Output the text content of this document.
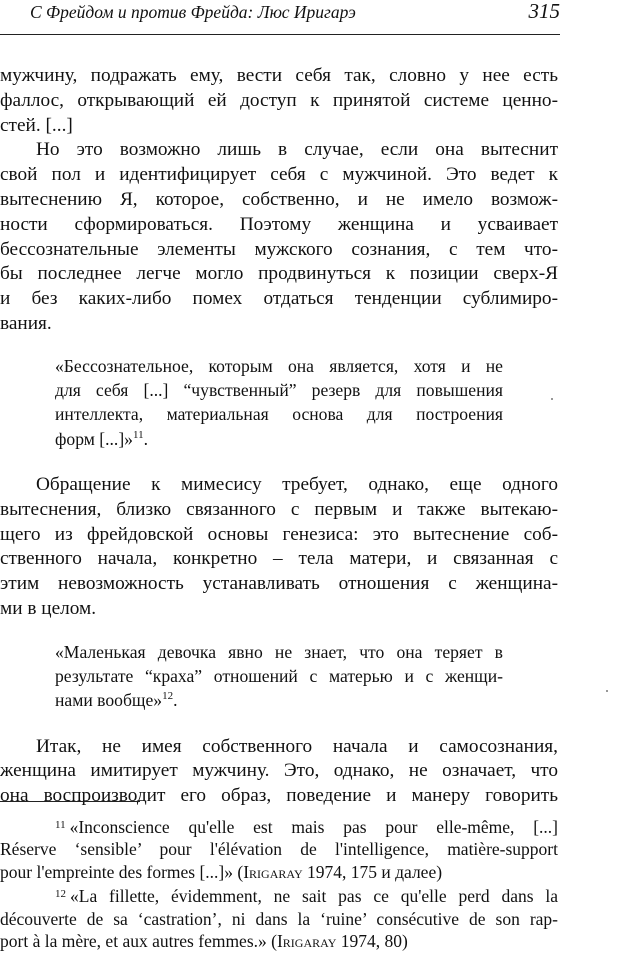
С Фрейдом и против Фрейда: Люс Иригарэ	315
мужчину, подражать ему, вести себя так, словно у нее есть
фаллос, открывающий ей доступ к принятой системе ценно-
стей. [...]
Но это возможно лишь в случае, если она вытеснит
свой пол и идентифицирует себя с мужчиной. Это ведет к
вытеснению Я, которое, собственно, и не имело возмож-
ности сформироваться. Поэтому женщина и усваивает
бессознательные элементы мужского сознания, с тем что-
бы последнее легче могло продвинуться к позиции сверх-Я
и без каких-либо помех отдаться тенденции сублимиро-
вания.
«Бессознательное, которым она является, хотя и не
для себя [...] “чувственный” резерв для повышения
интеллекта, материальная основа для построения
форм [...]»$^{11}$.
Обращение к мимесису требует, однако, еще одного
вытеснения, близко связанного с первым и также вытекаю-
щего из фрейдовской основы генезиса: это вытеснение соб-
ственного начала, конкретно – тела матери, и связанная с
этим невозможность устанавливать отношения с женщина-
ми в целом.
«Маленькая девочка явно не знает, что она теряет в
результате “краха” отношений с матерью и с женщи-
нами вообще»$^{12}$.
Итак, не имея собственного начала и самосознания,
женщина имитирует мужчину. Это, однако, не означает, что
она воспроизводит его образ, поведение и манеру говорить
$^{11}$ «Inconscience qu'elle est mais pas pour elle-même, [...]
Réserve ‘sensible’ pour l'élévation de l'intelligence, matière-support
pour l'empreinte des formes [...]» (Irigaray 1974, 175 и далее)
$^{12}$ «La fillette, évidemment, ne sait pas ce qu'elle perd dans la
découverte de sa ‘castration’, ni dans la ‘ruine’ consécutive de son rap-
port à la mère, et aux autres femmes.» (Irigaray 1974, 80)
